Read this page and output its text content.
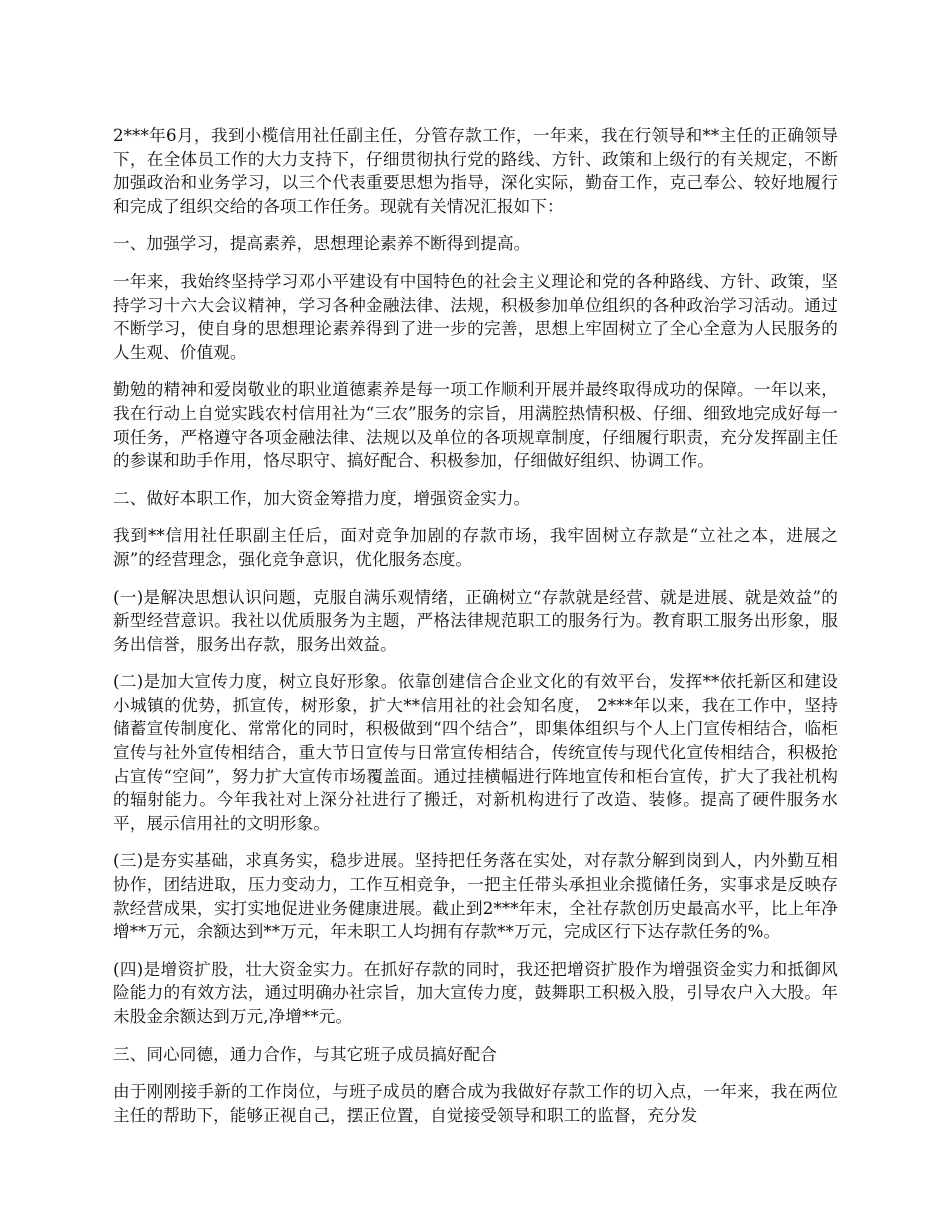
2***年6月，我到小榄信用社任副主任，分管存款工作，一年来，我在行领导和**主任的正确领导下，在全体员工作的大力支持下，仔细贯彻执行党的路线、方针、政策和上级行的有关规定，不断加强政治和业务学习，以三个代表重要思想为指导，深化实际，勤奋工作，克己奉公、较好地履行和完成了组织交给的各项工作任务。现就有关情况汇报如下：

一、加强学习，提高素养，思想理论素养不断得到提高。

一年来，我始终坚持学习邓小平建设有中国特色的社会主义理论和党的各种路线、方针、政策，坚持学习十六大会议精神，学习各种金融法律、法规，积极参加单位组织的各种政治学习活动。通过不断学习，使自身的思想理论素养得到了进一步的完善，思想上牢固树立了全心全意为人民服务的人生观、价值观。

勤勉的精神和爱岗敬业的职业道德素养是每一项工作顺利开展并最终取得成功的保障。一年以来，我在行动上自觉实践农村信用社为“三农”服务的宗旨，用满腔热情积极、仔细、细致地完成好每一项任务，严格遵守各项金融法律、法规以及单位的各项规章制度，仔细履行职责，充分发挥副主任的参谋和助手作用，恪尽职守、搞好配合、积极参加，仔细做好组织、协调工作。

二、做好本职工作，加大资金筹措力度，增强资金实力。

我到**信用社任职副主任后，面对竞争加剧的存款市场，我牢固树立存款是“立社之本，进展之源”的经营理念，强化竞争意识，优化服务态度。

(一)是解决思想认识问题，克服自满乐观情绪，正确树立“存款就是经营、就是进展、就是效益”的新型经营意识。我社以优质服务为主题，严格法律规范职工的服务行为。教育职工服务出形象，服务出信誉，服务出存款，服务出效益。

(二)是加大宣传力度，树立良好形象。依靠创建信合企业文化的有效平台，发挥**依托新区和建设小城镇的优势，抓宣传，树形象，扩大**信用社的社会知名度， 2***年以来，我在工作中，坚持储蓄宣传制度化、常常化的同时，积极做到“四个结合”，即集体组织与个人上门宣传相结合，临柜宣传与社外宣传相结合，重大节日宣传与日常宣传相结合，传统宣传与现代化宣传相结合，积极抢占宣传“空间”，努力扩大宣传市场覆盖面。通过挂横幅进行阵地宣传和柜台宣传，扩大了我社机构的辐射能力。今年我社对上深分社进行了搬迁，对新机构进行了改造、装修。提高了硬件服务水平，展示信用社的文明形象。

(三)是夯实基础，求真务实，稳步进展。坚持把任务落在实处，对存款分解到岗到人，内外勤互相协作，团结进取，压力变动力，工作互相竞争，一把主任带头承担业余揽储任务，实事求是反映存款经营成果，实打实地促进业务健康进展。截止到2***年末，全社存款创历史最高水平，比上年净增**万元，余额达到**万元，年未职工人均拥有存款**万元，完成区行下达存款任务的%。

(四)是增资扩股，壮大资金实力。在抓好存款的同时，我还把增资扩股作为增强资金实力和抵御风险能力的有效方法，通过明确办社宗旨，加大宣传力度，鼓舞职工积极入股，引导农户入大股。年未股金余额达到万元,净增**元。

三、同心同德，通力合作，与其它班子成员搞好配合

由于刚刚接手新的工作岗位，与班子成员的磨合成为我做好存款工作的切入点，一年来，我在两位主任的帮助下，能够正视自己，摆正位置，自觉接受领导和职工的监督，充分发
